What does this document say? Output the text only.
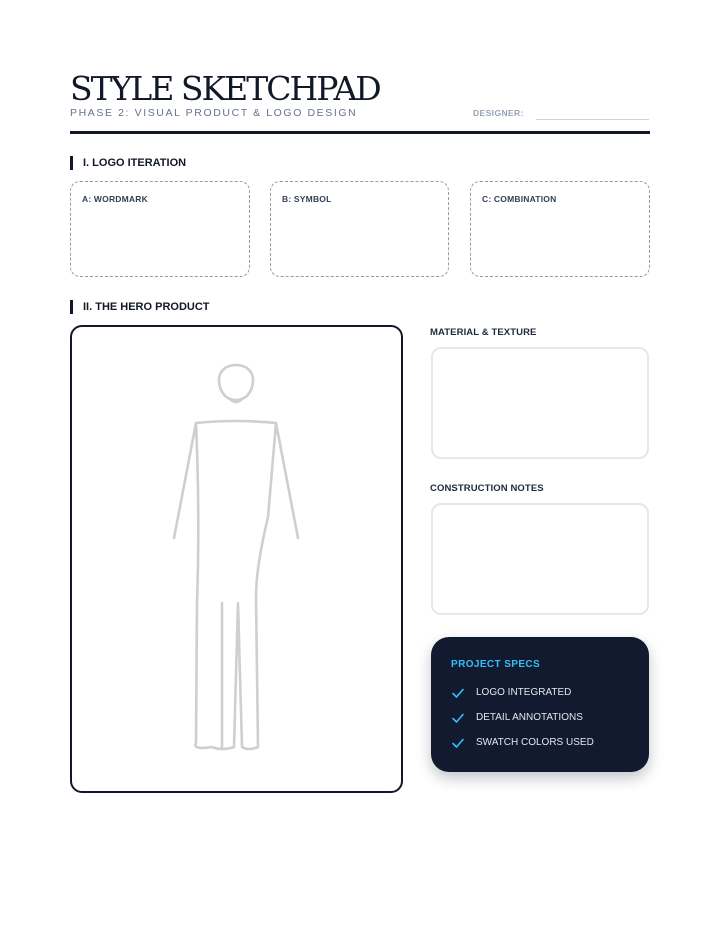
STYLE SKETCHPAD
PHASE 2: VISUAL PRODUCT & LOGO DESIGN	DESIGNER:
I. LOGO ITERATION
A: WORDMARK	B: SYMBOL	C: COMBINATION
II. THE HERO PRODUCT
MATERIAL & TEXTURE
CONSTRUCTION NOTES
PROJECT SPECS
LOGO INTEGRATED
DETAIL ANNOTATIONS
SWATCH COLORS USED
